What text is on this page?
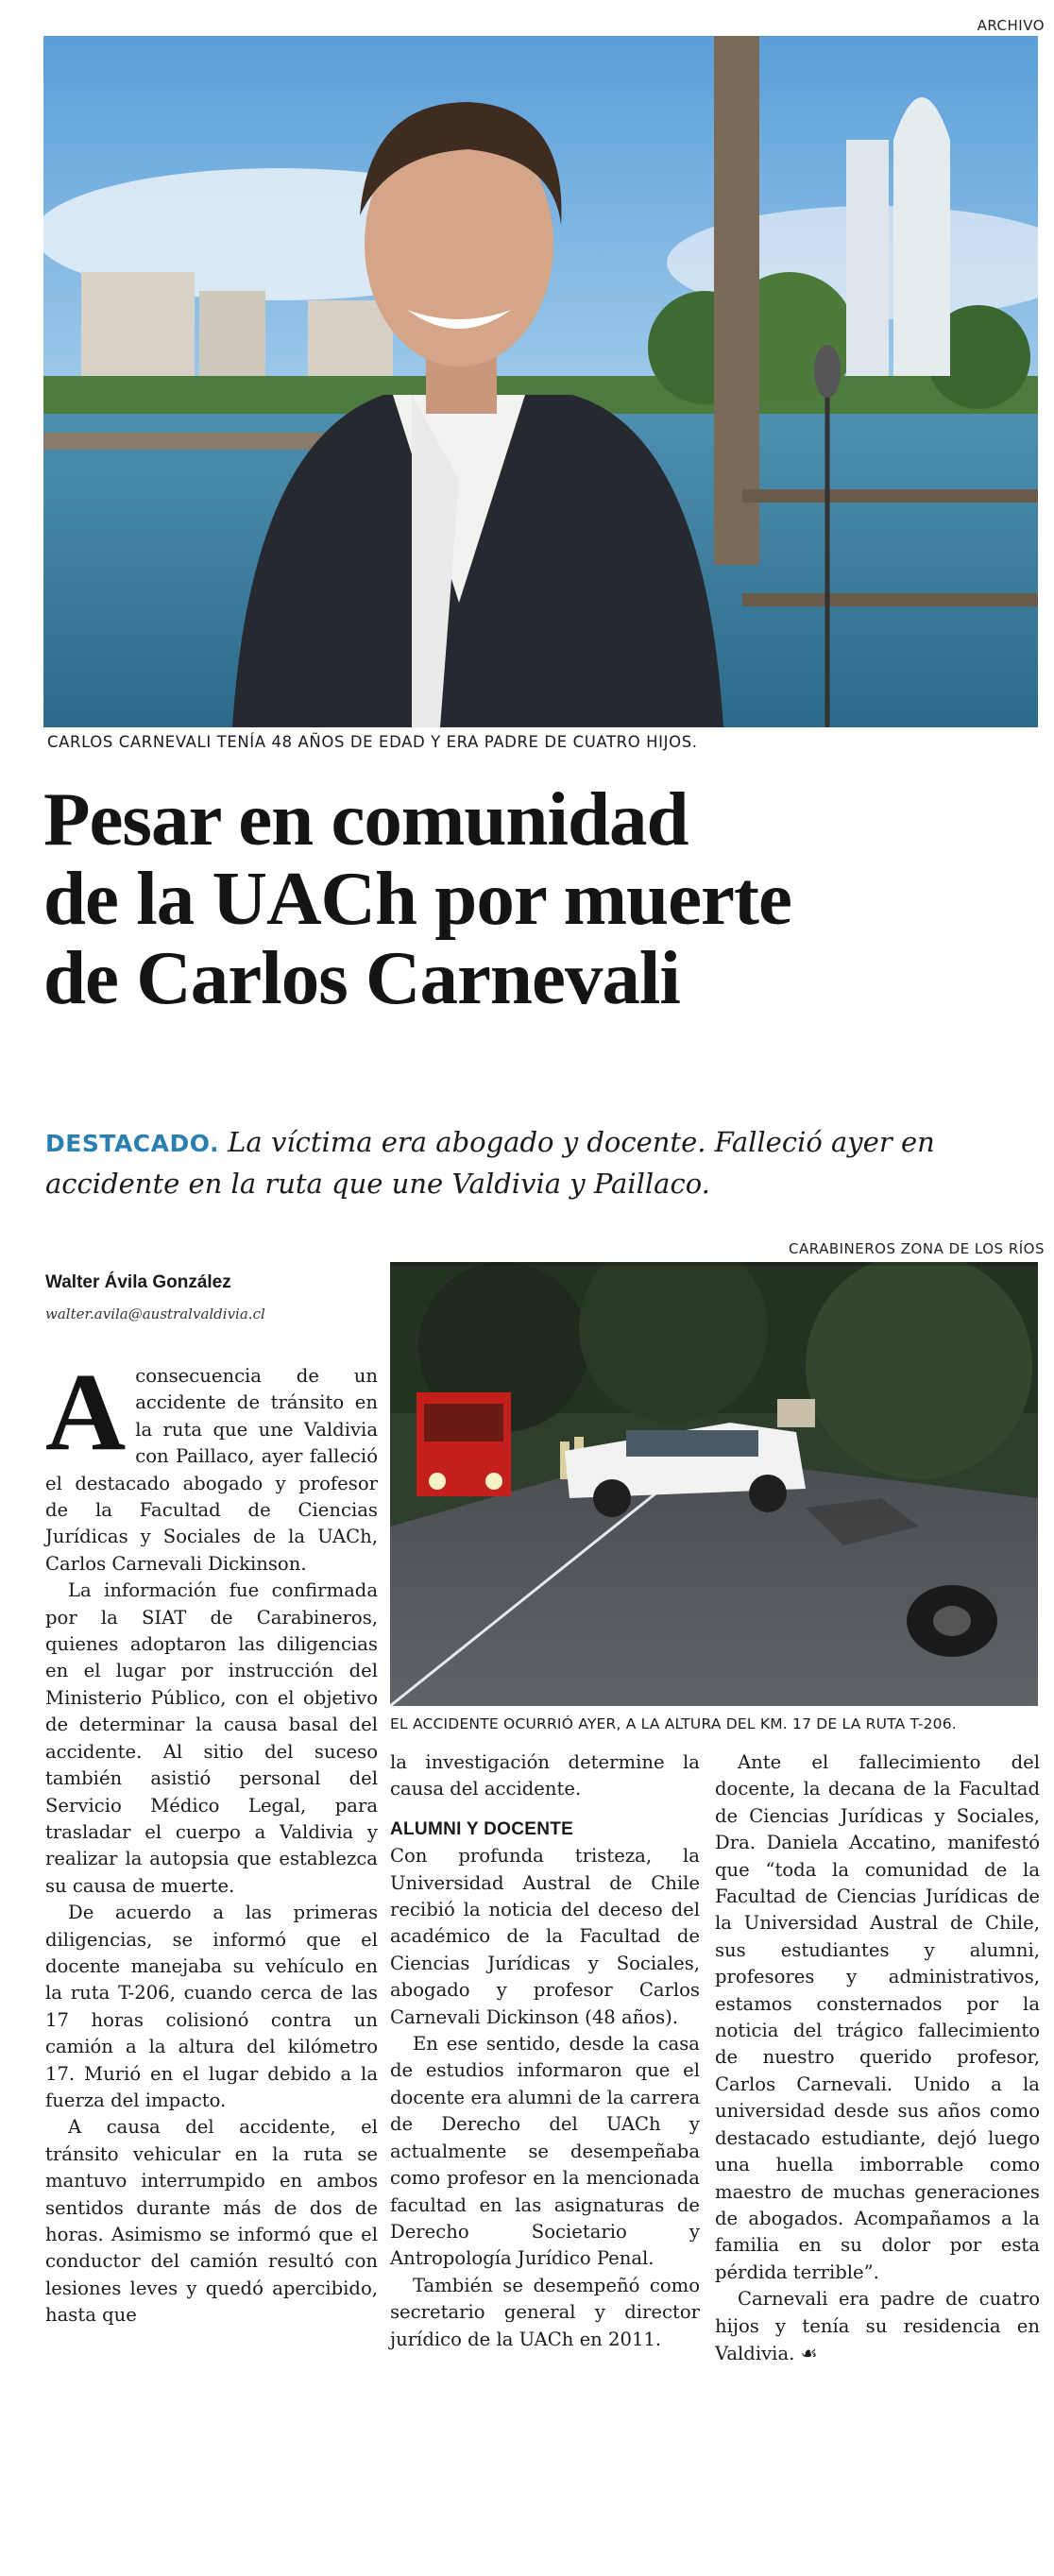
ARCHIVO
CARLOS CARNEVALI TENÍA 48 AÑOS DE EDAD Y ERA PADRE DE CUATRO HIJOS.
Pesar en comunidad
de la UACh por muerte
de Carlos Carnevali
DESTACADO. La víctima era abogado y docente. Falleció ayer en accidente en la ruta que une Valdivia y Paillaco.
Walter Ávila González
walter.avila@australvaldivia.cl
CARABINEROS ZONA DE LOS RÍOS
EL ACCIDENTE OCURRIÓ AYER, A LA ALTURA DEL KM. 17 DE LA RUTA T-206.

Aconsecuencia de un accidente de tránsito en la ruta que une Valdivia con Paillaco, ayer falleció el destacado abogado y profesor de la Facultad de Ciencias Jurídicas y Sociales de la UACh, Carlos Carnevali Dickinson.

La información fue confirmada por la SIAT de Carabineros, quienes adoptaron las diligencias en el lugar por instrucción del Ministerio Público, con el objetivo de determinar la causa basal del accidente. Al sitio del suceso también asistió personal del Servicio Médico Legal, para trasladar el cuerpo a Valdivia y realizar la autopsia que establezca su causa de muerte.

De acuerdo a las primeras diligencias, se informó que el docente manejaba su vehículo en la ruta T-206, cuando cerca de las 17 horas colisionó contra un camión a la altura del kilómetro 17. Murió en el lugar debido a la fuerza del impacto.

A causa del accidente, el tránsito vehicular en la ruta se mantuvo interrumpido en ambos sentidos durante más de dos de horas. Asimismo se informó que el conductor del camión resultó con lesiones leves y quedó apercibido, hasta que

la investigación determine la causa del accidente.

ALUMNI Y DOCENTE

Con profunda tristeza, la Universidad Austral de Chile recibió la noticia del deceso del académico de la Facultad de Ciencias Jurídicas y Sociales, abogado y profesor Carlos Carnevali Dickinson (48 años).

En ese sentido, desde la casa de estudios informaron que el docente era alumni de la carrera de Derecho del UACh y actualmente se desempeñaba como profesor en la mencionada facultad en las asignaturas de Derecho Societario y Antropología Jurídico Penal.

También se desempeñó como secretario general y director jurídico de la UACh en 2011.

Ante el fallecimiento del docente, la decana de la Facultad de Ciencias Jurídicas y Sociales, Dra. Daniela Accatino, manifestó que “toda la comunidad de la Facultad de Ciencias Jurídicas de la Universidad Austral de Chile, sus estudiantes y alumni, profesores y administrativos, estamos consternados por la noticia del trágico fallecimiento de nuestro querido profesor, Carlos Carnevali. Unido a la universidad desde sus años como destacado estudiante, dejó luego una huella imborrable como maestro de muchas generaciones de abogados. Acompañamos a la familia en su dolor por esta pérdida terrible”.

Carnevali era padre de cuatro hijos y tenía su residencia en Valdivia. ☙
